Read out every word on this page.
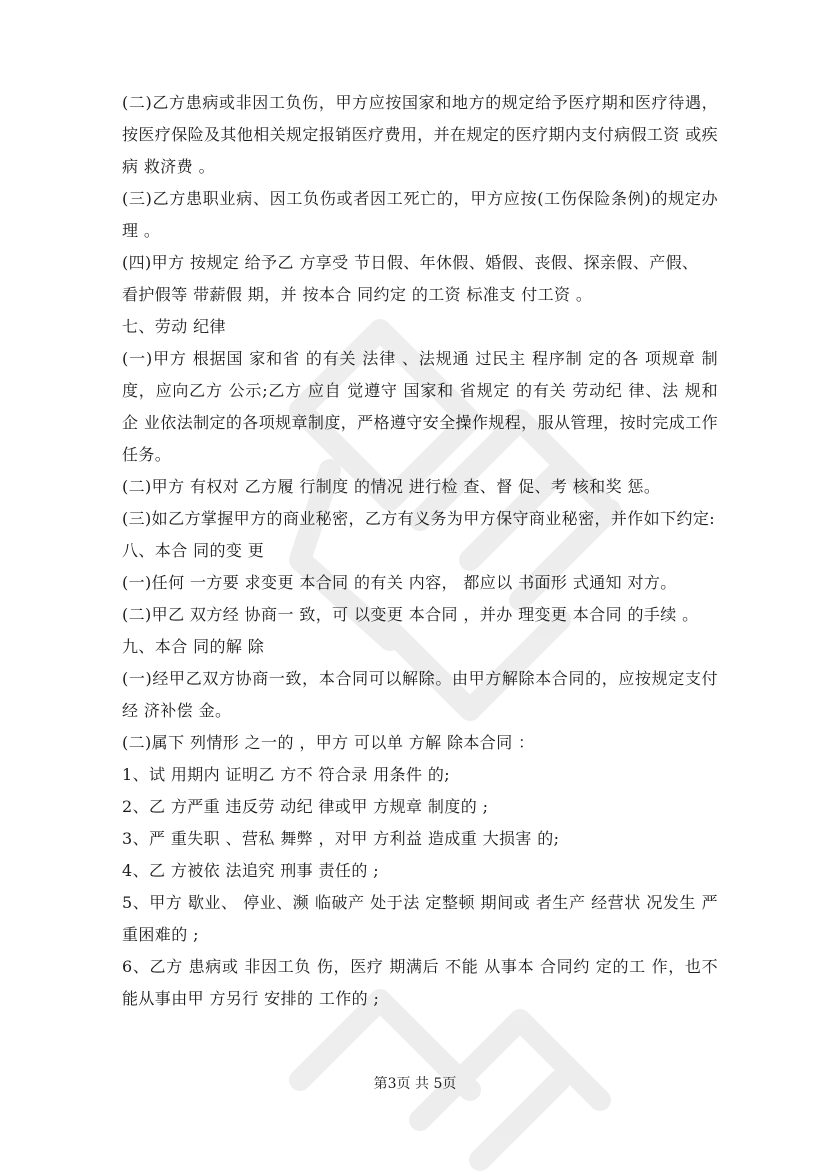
(二)乙方患病或非因工负伤，甲方应按国家和地方的规定给予医疗期和医疗待遇，按医疗保险及其他相关规定报销医疗费用，并在规定的医疗期内支付病假工资 或疾病 救济费 。

(三)乙方患职业病、因工负伤或者因工死亡的，甲方应按(工伤保险条例)的规定办理 。

(四)甲方 按规定 给予乙 方享受 节日假、年休假、婚假、丧假、探亲假、产假、

看护假等 带薪假 期，并 按本合 同约定 的工资 标准支 付工资 。

七、劳动 纪律

(一)甲方 根据国 家和省 的有关 法律 、法规通 过民主 程序制 定的各 项规章 制度，应向乙方 公示;乙方 应自 觉遵守 国家和 省规定 的有关 劳动纪 律、法 规和企 业依法制定的各项规章制度，严格遵守安全操作规程，服从管理，按时完成工作任务。

(二)甲方 有权对 乙方履 行制度 的情况 进行检 查、督 促、考 核和奖 惩。

(三)如乙方掌握甲方的商业秘密，乙方有义务为甲方保守商业秘密，并作如下约定:

八、本合 同的变 更

(一)任何 一方要 求变更 本合同 的有关 内容， 都应以 书面形 式通知 对方。

(二)甲乙 双方经 协商一 致，可 以变更 本合同 ，并办 理变更 本合同 的手续 。

九、本合 同的解 除

(一)经甲乙双方协商一致，本合同可以解除。由甲方解除本合同的，应按规定支付经 济补偿 金。

(二)属下 列情形 之一的 ，甲方 可以单 方解 除本合同 ：

1、试 用期内 证明乙 方不 符合录 用条件 的;

2、乙 方严重 违反劳 动纪 律或甲 方规章 制度的 ;

3、严 重失职 、营私 舞弊 ，对甲 方利益 造成重 大损害 的;

4、乙 方被依 法追究 刑事 责任的 ;

5、甲方 歇业、 停业、濒 临破产 处于法 定整顿 期间或 者生产 经营状 况发生 严重困难的 ;

6、乙方 患病或 非因工负 伤，医疗 期满后 不能 从事本 合同约 定的工 作，也不 能从事由甲 方另行 安排的 工作的 ;

第3页 共 5页
